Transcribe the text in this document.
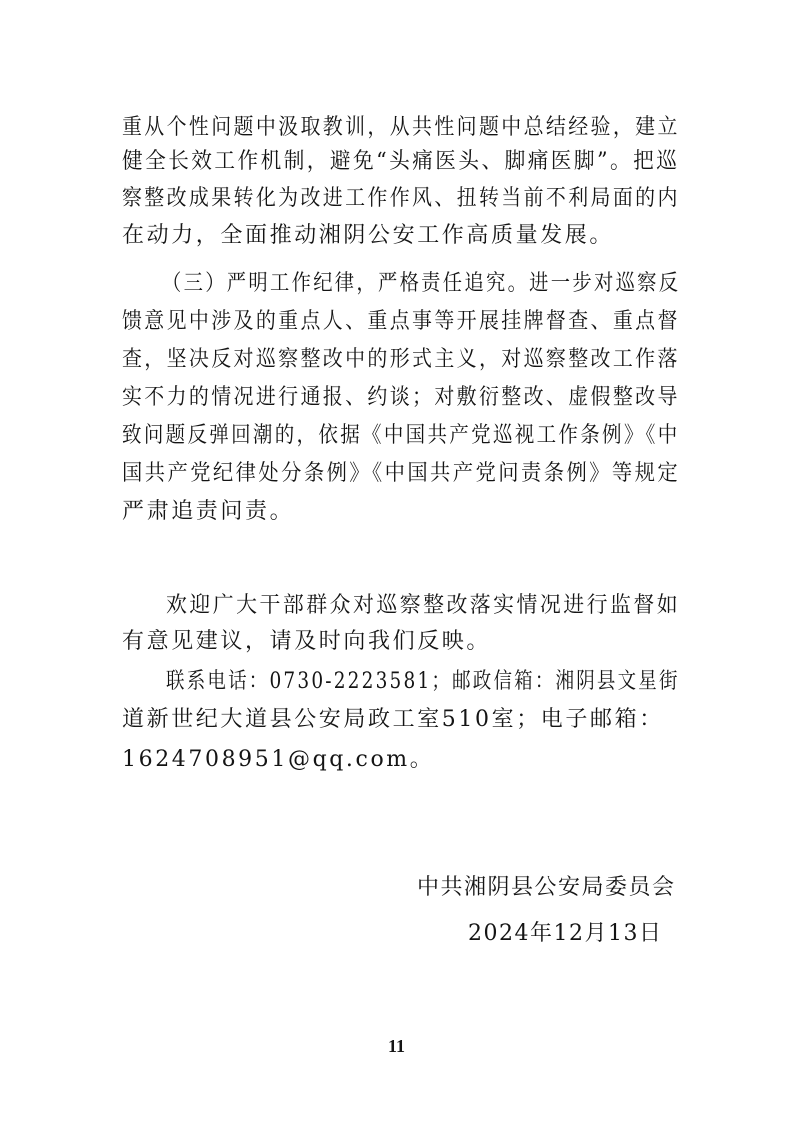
重从个性问题中汲取教训，从共性问题中总结经验，建立
健全长效工作机制，避免“头痛医头、脚痛医脚”。把巡
察整改成果转化为改进工作作风、扭转当前不利局面的内
在动力，全面推动湘阴公安工作高质量发展。
（三）严明工作纪律，严格责任追究。进一步对巡察反
馈意见中涉及的重点人、重点事等开展挂牌督查、重点督
查，坚决反对巡察整改中的形式主义，对巡察整改工作落
实不力的情况进行通报、约谈；对敷衍整改、虚假整改导
致问题反弹回潮的，依据《中国共产党巡视工作条例》《中
国共产党纪律处分条例》《中国共产党问责条例》等规定
严肃追责问责。
欢迎广大干部群众对巡察整改落实情况进行监督如
有意见建议，请及时向我们反映。
联系电话：0730-2223581；邮政信箱：湘阴县文星街
道新世纪大道县公安局政工室510室；电子邮箱：
1624708951@qq.com。
中共湘阴县公安局委员会
2024年12月13日
11
